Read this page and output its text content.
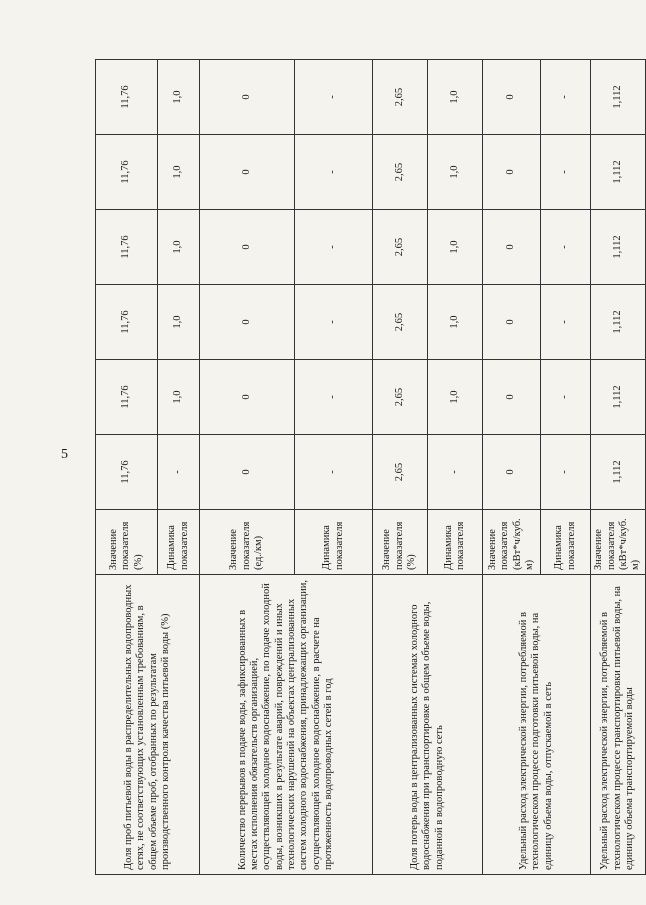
5
Доля проб питьевой воды в распределительных водопроводных сетях, не соответствующих установленным требованиям, в общем объеме проб, отобранных по результатам производственного контроля качества питьевой воды (%)	Значение показателя (%)	11,76	11,76	11,76	11,76	11,76	11,76
	Динамика показателя	-	1,0	1,0	1,0	1,0	1,0
Количество перерывов в подаче воды, зафиксированных в местах исполнения обязательств организацией, осуществляющей холодное водоснабжение, по подаче холодной воды, возникших в результате аварий, повреждений и иных технологических нарушений на объектах централизованных систем холодного водоснабжения, принадлежащих организации, осуществляющей холодное водоснабжение, в расчете на протяженность водопроводных сетей в год	Значение показателя (ед./км)	0	0	0	0	0	0
	Динамика показателя	-	-	-	-	-	-
Доля потерь воды в централизованных системах холодного водоснабжения при транспортировке в общем объеме воды, поданной в водопроводную сеть	Значение показателя (%)	2,65	2,65	2,65	2,65	2,65	2,65
	Динамика показателя	-	1,0	1,0	1,0	1,0	1,0
Удельный расход электрической энергии, потребляемой в технологическом процессе подготовки питьевой воды, на единицу объема воды, отпускаемой в сеть	Значение показателя (кВт*ч/куб. м)	0	0	0	0	0	0
	Динамика показателя	-	-	-	-	-	-
Удельный расход электрической энергии, потребляемой в технологическом процессе транспортировки питьевой воды, на единицу объема транспортируемой воды	Значение показателя (кВт*ч/куб. м)	1,112	1,112	1,112	1,112	1,112	1,112
